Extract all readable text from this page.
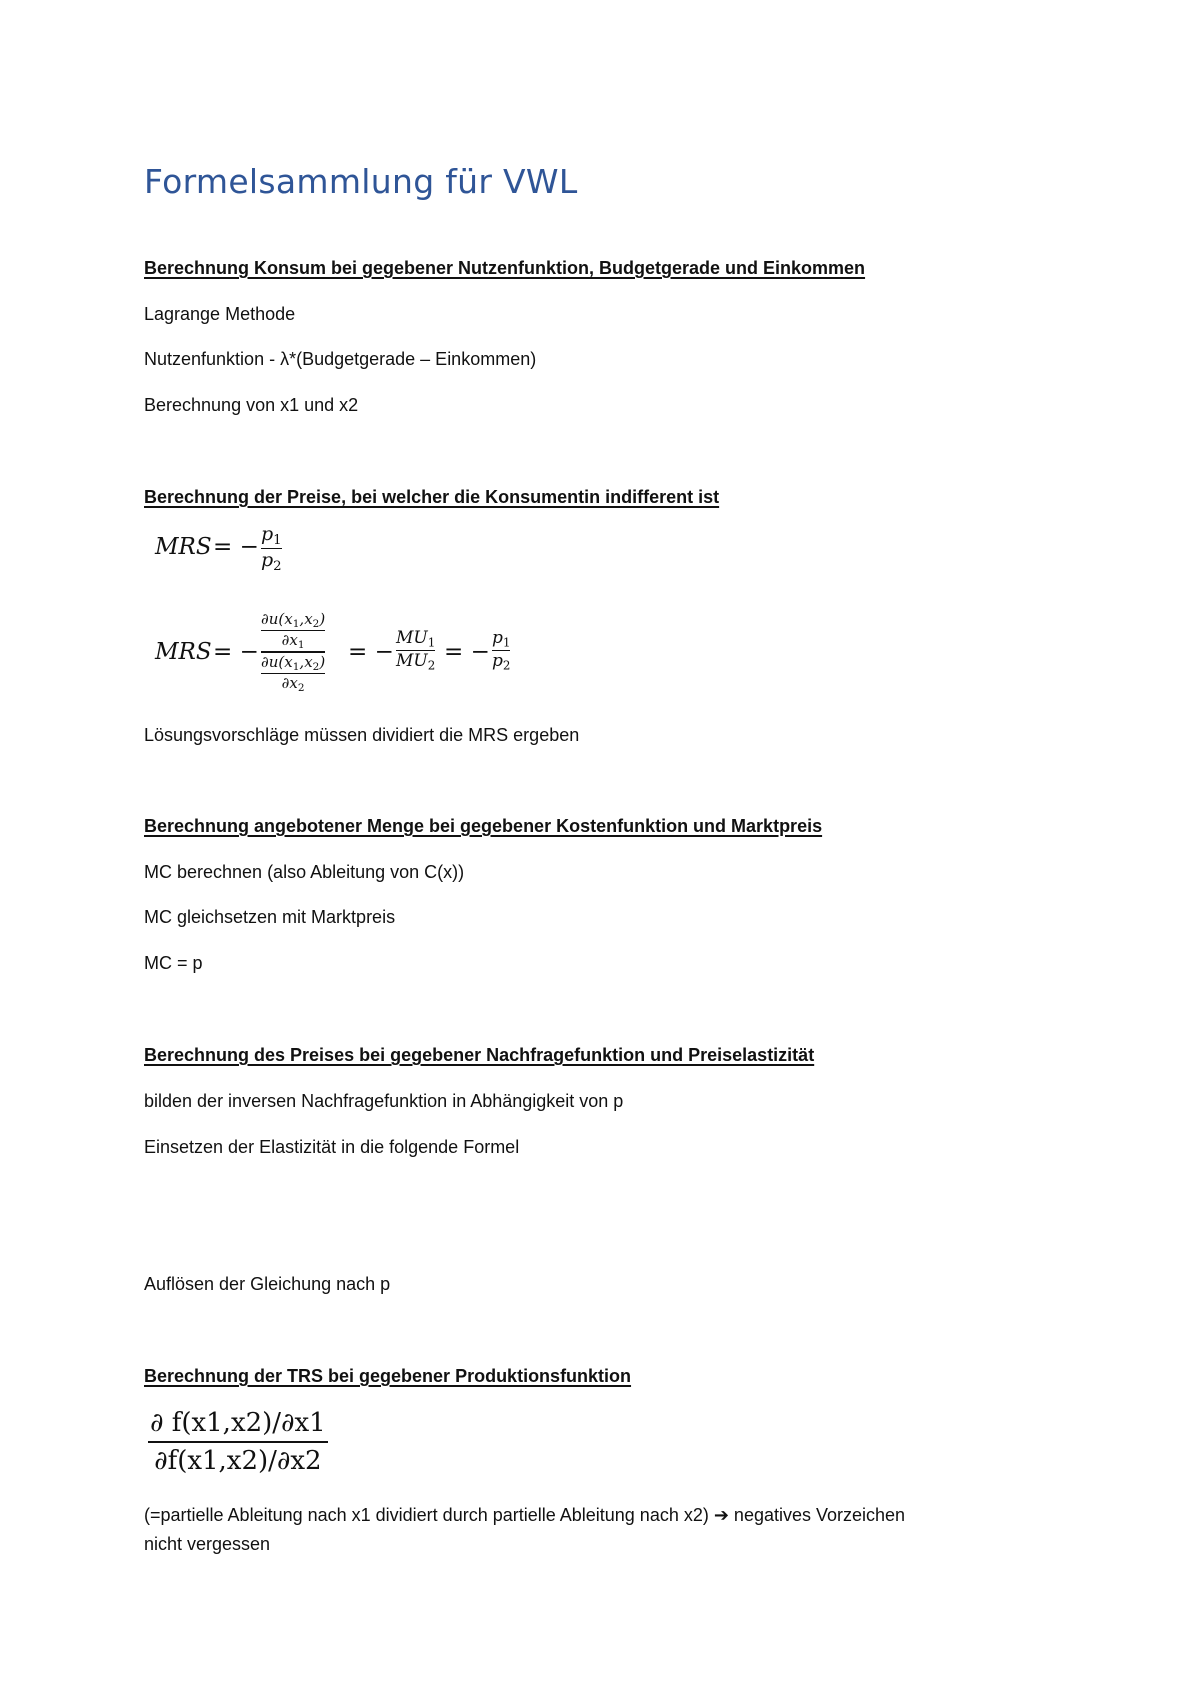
Formelsammlung für VWL
Berechnung Konsum bei gegebener Nutzenfunktion, Budgetgerade und Einkommen
Lagrange Methode
Nutzenfunktion - λ*(Budgetgerade – Einkommen)
Berechnung von x1 und x2
Berechnung der Preise, bei welcher die Konsumentin indifferent ist
MRS = − $p_1$
$p_2$
MRS = −
$\frac{\partial u(x_1,x_2)}{\partial x_1}$
$\frac{\partial u(x_1,x_2)}{\partial x_2}$
= −
$MU_1$
$MU_2$
= −
$p_1$
$p_2$
Lösungsvorschläge müssen dividiert die MRS ergeben
Berechnung angebotener Menge bei gegebener Kostenfunktion und Marktpreis
MC berechnen (also Ableitung von C(x))
MC gleichsetzen mit Marktpreis
MC = p
Berechnung des Preises bei gegebener Nachfragefunktion und Preiselastizität
bilden der inversen Nachfragefunktion in Abhängigkeit von p
Einsetzen der Elastizität in die folgende Formel
Auflösen der Gleichung nach p
Berechnung der TRS bei gegebener Produktionsfunktion
∂ f(x1,x2)/∂x1
∂f(x1,x2)/∂x2
(=partielle Ableitung nach x1 dividiert durch partielle Ableitung nach x2) ➔ negatives Vorzeichen
nicht vergessen
